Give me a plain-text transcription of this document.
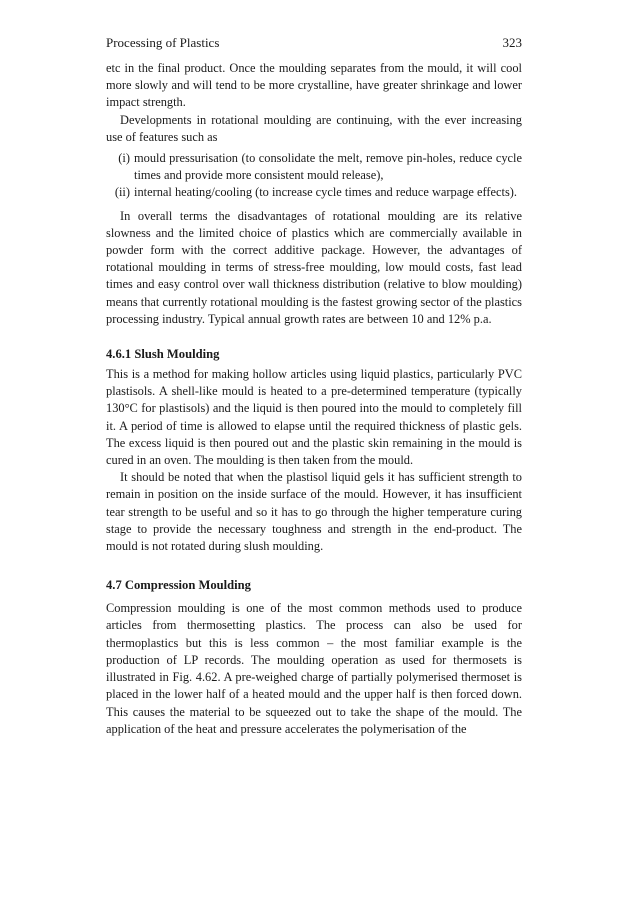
Processing of Plastics	323

etc in the final product. Once the moulding separates from the mould, it will cool more slowly and will tend to be more crystalline, have greater shrinkage and lower impact strength.

Developments in rotational moulding are continuing, with the ever increasing use of features such as

(i) mould pressurisation (to consolidate the melt, remove pin-holes, reduce cycle times and provide more consistent mould release),
(ii) internal heating/cooling (to increase cycle times and reduce warpage effects).

In overall terms the disadvantages of rotational moulding are its relative slowness and the limited choice of plastics which are commercially available in powder form with the correct additive package. However, the advantages of rotational moulding in terms of stress-free moulding, low mould costs, fast lead times and easy control over wall thickness distribution (relative to blow moulding) means that currently rotational moulding is the fastest growing sector of the plastics processing industry. Typical annual growth rates are between 10 and 12% p.a.

4.6.1 Slush Moulding

This is a method for making hollow articles using liquid plastics, particularly PVC plastisols. A shell-like mould is heated to a pre-determined temperature (typically 130°C for plastisols) and the liquid is then poured into the mould to completely fill it. A period of time is allowed to elapse until the required thickness of plastic gels. The excess liquid is then poured out and the plastic skin remaining in the mould is cured in an oven. The moulding is then taken from the mould.

It should be noted that when the plastisol liquid gels it has sufficient strength to remain in position on the inside surface of the mould. However, it has insufficient tear strength to be useful and so it has to go through the higher temperature curing stage to provide the necessary toughness and strength in the end-product. The mould is not rotated during slush moulding.

4.7 Compression Moulding

Compression moulding is one of the most common methods used to produce articles from thermosetting plastics. The process can also be used for thermoplastics but this is less common – the most familiar example is the production of LP records. The moulding operation as used for thermosets is illustrated in Fig. 4.62. A pre-weighed charge of partially polymerised thermoset is placed in the lower half of a heated mould and the upper half is then forced down. This causes the material to be squeezed out to take the shape of the mould. The application of the heat and pressure accelerates the polymerisation of the
